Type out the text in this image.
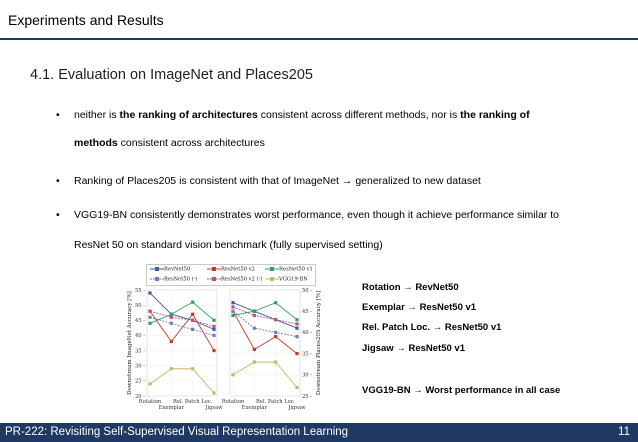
Experiments and Results
4.1. Evaluation on ImageNet and Places205
• neither is the ranking of architectures consistent across different methods, nor is the ranking of
methods consistent across architectures
• Ranking of Places205 is consistent with that of ImageNet → generalized to new dataset
• VGG19-BN consistently demonstrates worst performance, even though it achieve performance similar to
ResNet 50 on standard vision benchmark (fully supervised setting)
RevNet50	ResNet50 v2	ResNet50 v1
ResNet50 (-)	ResNet50 v2 (-)	VGG19-BN
20 -
25 -
30 -
35 -
40 -
45 -
50 -
55 -
Downstream ImageNet Accuracy [%]
Rotation Rel. Patch Loc.
Exemplar	Jigsaw
25 -
30 -
35 -
40 -
45 -
50 -
Downstream Places205 Accuracy [%]
Rotation Rel. Patch Loc.
Exemplar	Jigsaw
Rotation → RevNet50
Exemplar → ResNet50 v1
Rel. Patch Loc. → ResNet50 v1
Jigsaw → ResNet50 v1
VGG19-BN → Worst performance in all case
PR-222: Revisiting Self-Supervised Visual Representation Learning	11
